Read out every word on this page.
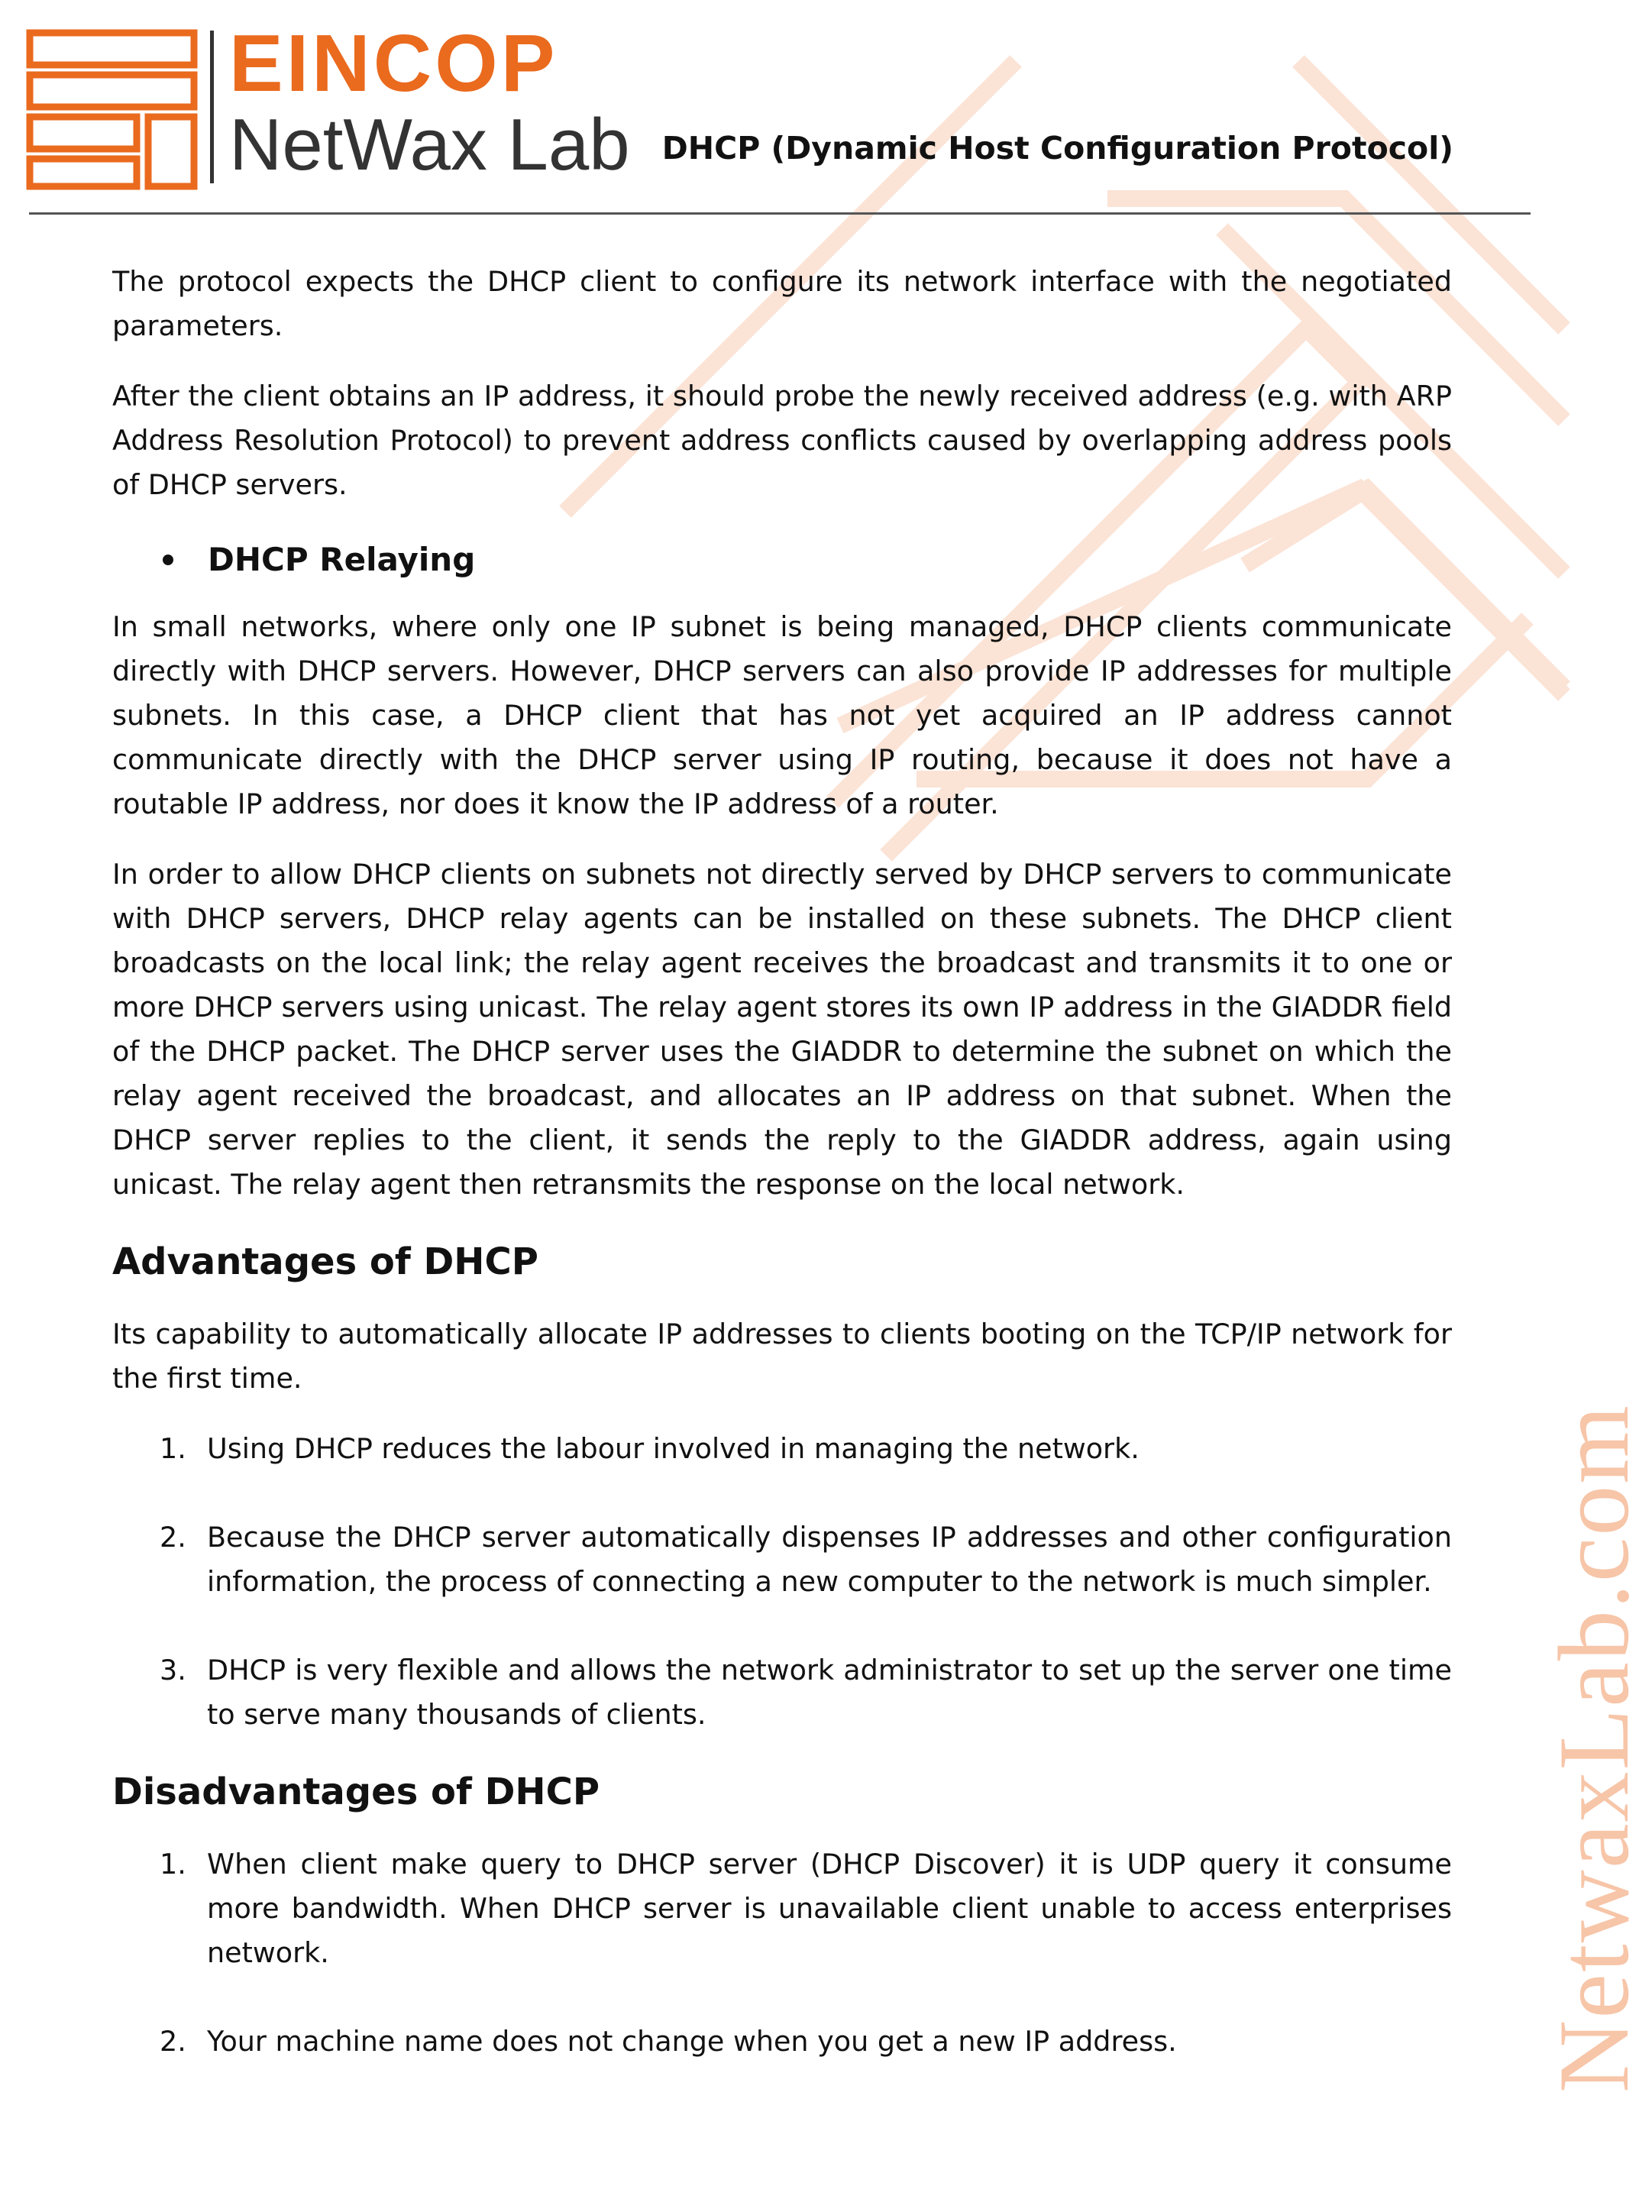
EINCOP
NetWax Lab DHCP (Dynamic Host Configuration Protocol)
NetwaxLab.com

The protocol expects the DHCP client to configure its network interface with the negotiated parameters.

After the client obtains an IP address, it should probe the newly received address (e.g. with ARP Address Resolution Protocol) to prevent address conflicts caused by overlapping address pools of DHCP servers.

DHCP Relaying

In small networks, where only one IP subnet is being managed, DHCP clients communicate directly with DHCP servers. However, DHCP servers can also provide IP addresses for multiple subnets. In this case, a DHCP client that has not yet acquired an IP address cannot communicate directly with the DHCP server using IP routing, because it does not have a routable IP address, nor does it know the IP address of a router.

In order to allow DHCP clients on subnets not directly served by DHCP servers to communicate with DHCP servers, DHCP relay agents can be installed on these subnets. The DHCP client broadcasts on the local link; the relay agent receives the broadcast and transmits it to one or more DHCP servers using unicast. The relay agent stores its own IP address in the GIADDR field of the DHCP packet. The DHCP server uses the GIADDR to determine the subnet on which the relay agent received the broadcast, and allocates an IP address on that subnet. When the DHCP server replies to the client, it sends the reply to the GIADDR address, again using unicast. The relay agent then retransmits the response on the local network.

Advantages of DHCP

Its capability to automatically allocate IP addresses to clients booting on the TCP/IP network for the first time.

1. Using DHCP reduces the labour involved in managing the network.
2. Because the DHCP server automatically dispenses IP addresses and other configuration information, the process of connecting a new computer to the network is much simpler.
3. DHCP is very flexible and allows the network administrator to set up the server one time to serve many thousands of clients.
Disadvantages of DHCP
1. When client make query to DHCP server (DHCP Discover) it is UDP query it consume more bandwidth. When DHCP server is unavailable client unable to access enterprises network.
2. Your machine name does not change when you get a new IP address.
